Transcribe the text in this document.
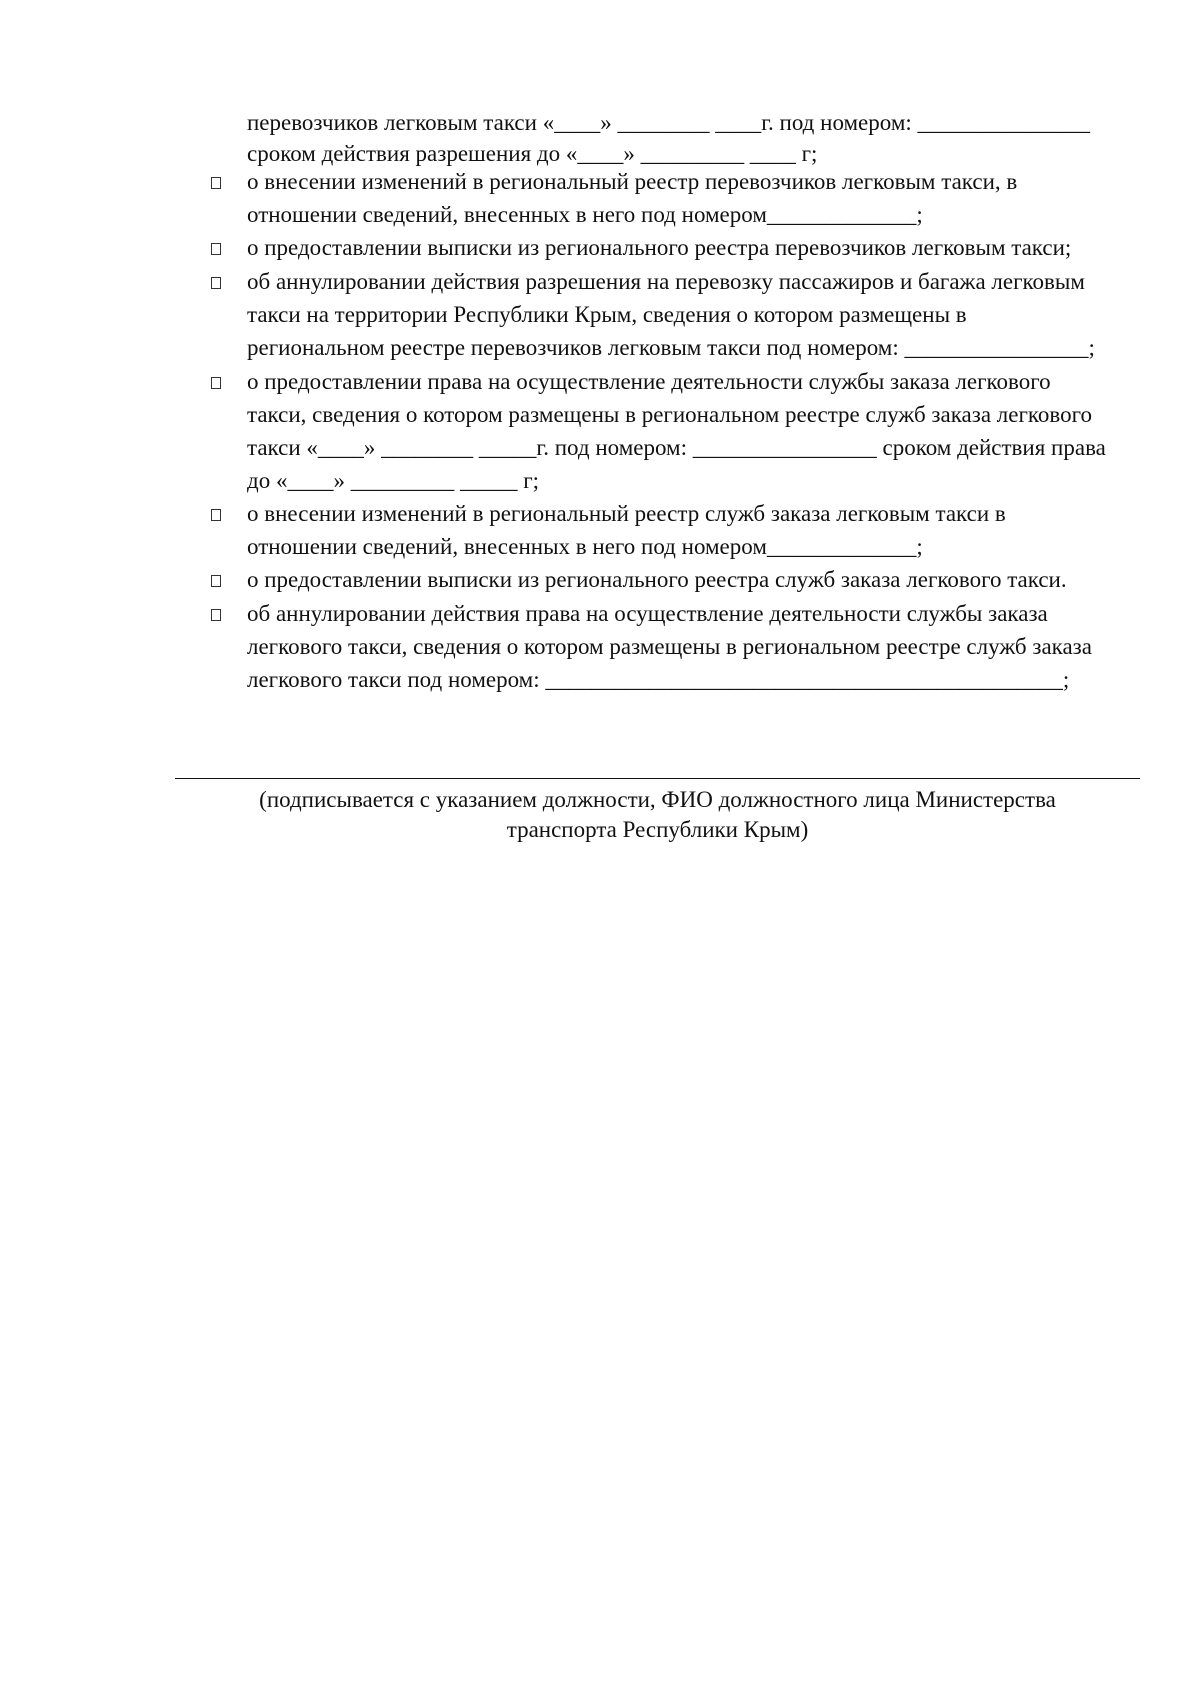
перевозчиков легковым такси «____» ________ ____г. под номером: _______________
сроком действия разрешения до «____» _________ ____ г;
о внесении изменений в региональный реестр перевозчиков легковым такси, в
отношении сведений, внесенных в него под номером_____________;
о предоставлении выписки из регионального реестра перевозчиков легковым такси;
об аннулировании действия разрешения на перевозку пассажиров и багажа легковым
такси на территории Республики Крым, сведения о котором размещены в
региональном реестре перевозчиков легковым такси под номером: ________________;
о предоставлении права на осуществление деятельности службы заказа легкового
такси, сведения о котором размещены в региональном реестре служб заказа легкового
такси «____» ________ _____г. под номером: ________________ сроком действия права
до «____» _________ _____ г;
о внесении изменений в региональный реестр служб заказа легковым такси в
отношении сведений, внесенных в него под номером_____________;
о предоставлении выписки из регионального реестра служб заказа легкового такси.
об аннулировании действия права на осуществление деятельности службы заказа
легкового такси, сведения о котором размещены в региональном реестре служб заказа
легкового такси под номером: _____________________________________________;
(подписывается с указанием должности, ФИО должностного лица Министерства
транспорта Республики Крым)
